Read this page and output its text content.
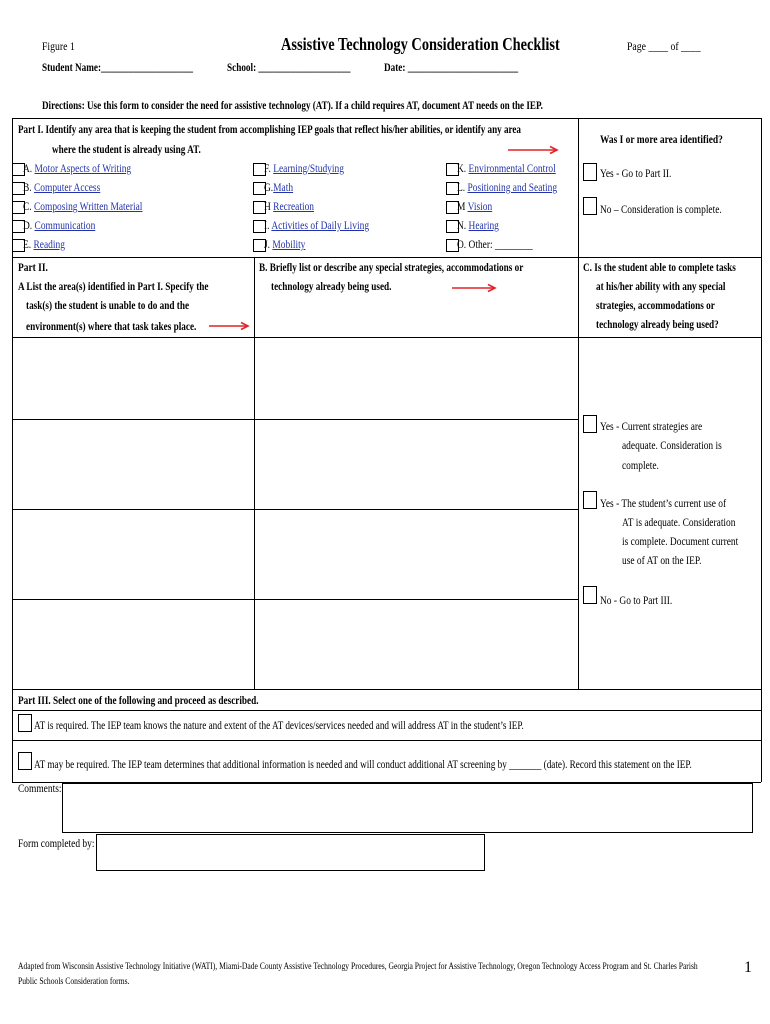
Figure 1	Assistive Technology Consideration Checklist	Page ____ of ____
Student Name:____________________	School: ____________________	Date: ________________________
Directions: Use this form to consider the need for assistive technology (AT). If a child requires AT, document AT needs on the IEP.
Part I. Identify any area that is keeping the student from accomplishing IEP goals that reflect his/her abilities, or identify any area
where the student is already using AT.
Was I or more area identified?
A. Motor Aspects of Writing
B. Computer Access
C. Composing Written Material
D. Communication
E. Reading
F. Learning/Studying
G.Math
H Recreation
I. Activities of Daily Living
J. Mobility
K. Environmental Control
L. Positioning and Seating
M Vision
N. Hearing
O. Other: ________
Yes - Go to Part II.
No – Consideration is complete.
Part II.
A List the area(s) identified in Part I. Specify the
task(s) the student is unable to do and the
environment(s) where that task takes place.
B. Briefly list or describe any special strategies, accommodations or
technology already being used.
C. Is the student able to complete tasks
at his/her ability with any special
strategies, accommodations or
technology already being used?
Yes - Current strategies are
adequate. Consideration is
complete.
Yes - The student’s current use of
AT is adequate. Consideration
is complete. Document current
use of AT on the IEP.
No - Go to Part III.
Part III. Select one of the following and proceed as described.
AT is required. The IEP team knows the nature and extent of the AT devices/services needed and will address AT in the student’s IEP.
AT may be required. The IEP team determines that additional information is needed and will conduct additional AT screening by _______ (date). Record this statement on the IEP.
Comments:
Form completed by:
Adapted from Wisconsin Assistive Technology Initiative (WATI), Miami-Dade County Assistive Technology Procedures, Georgia Project for Assistive Technology, Oregon Technology Access Program and St. Charles Parish
Public Schools Consideration forms.
1
